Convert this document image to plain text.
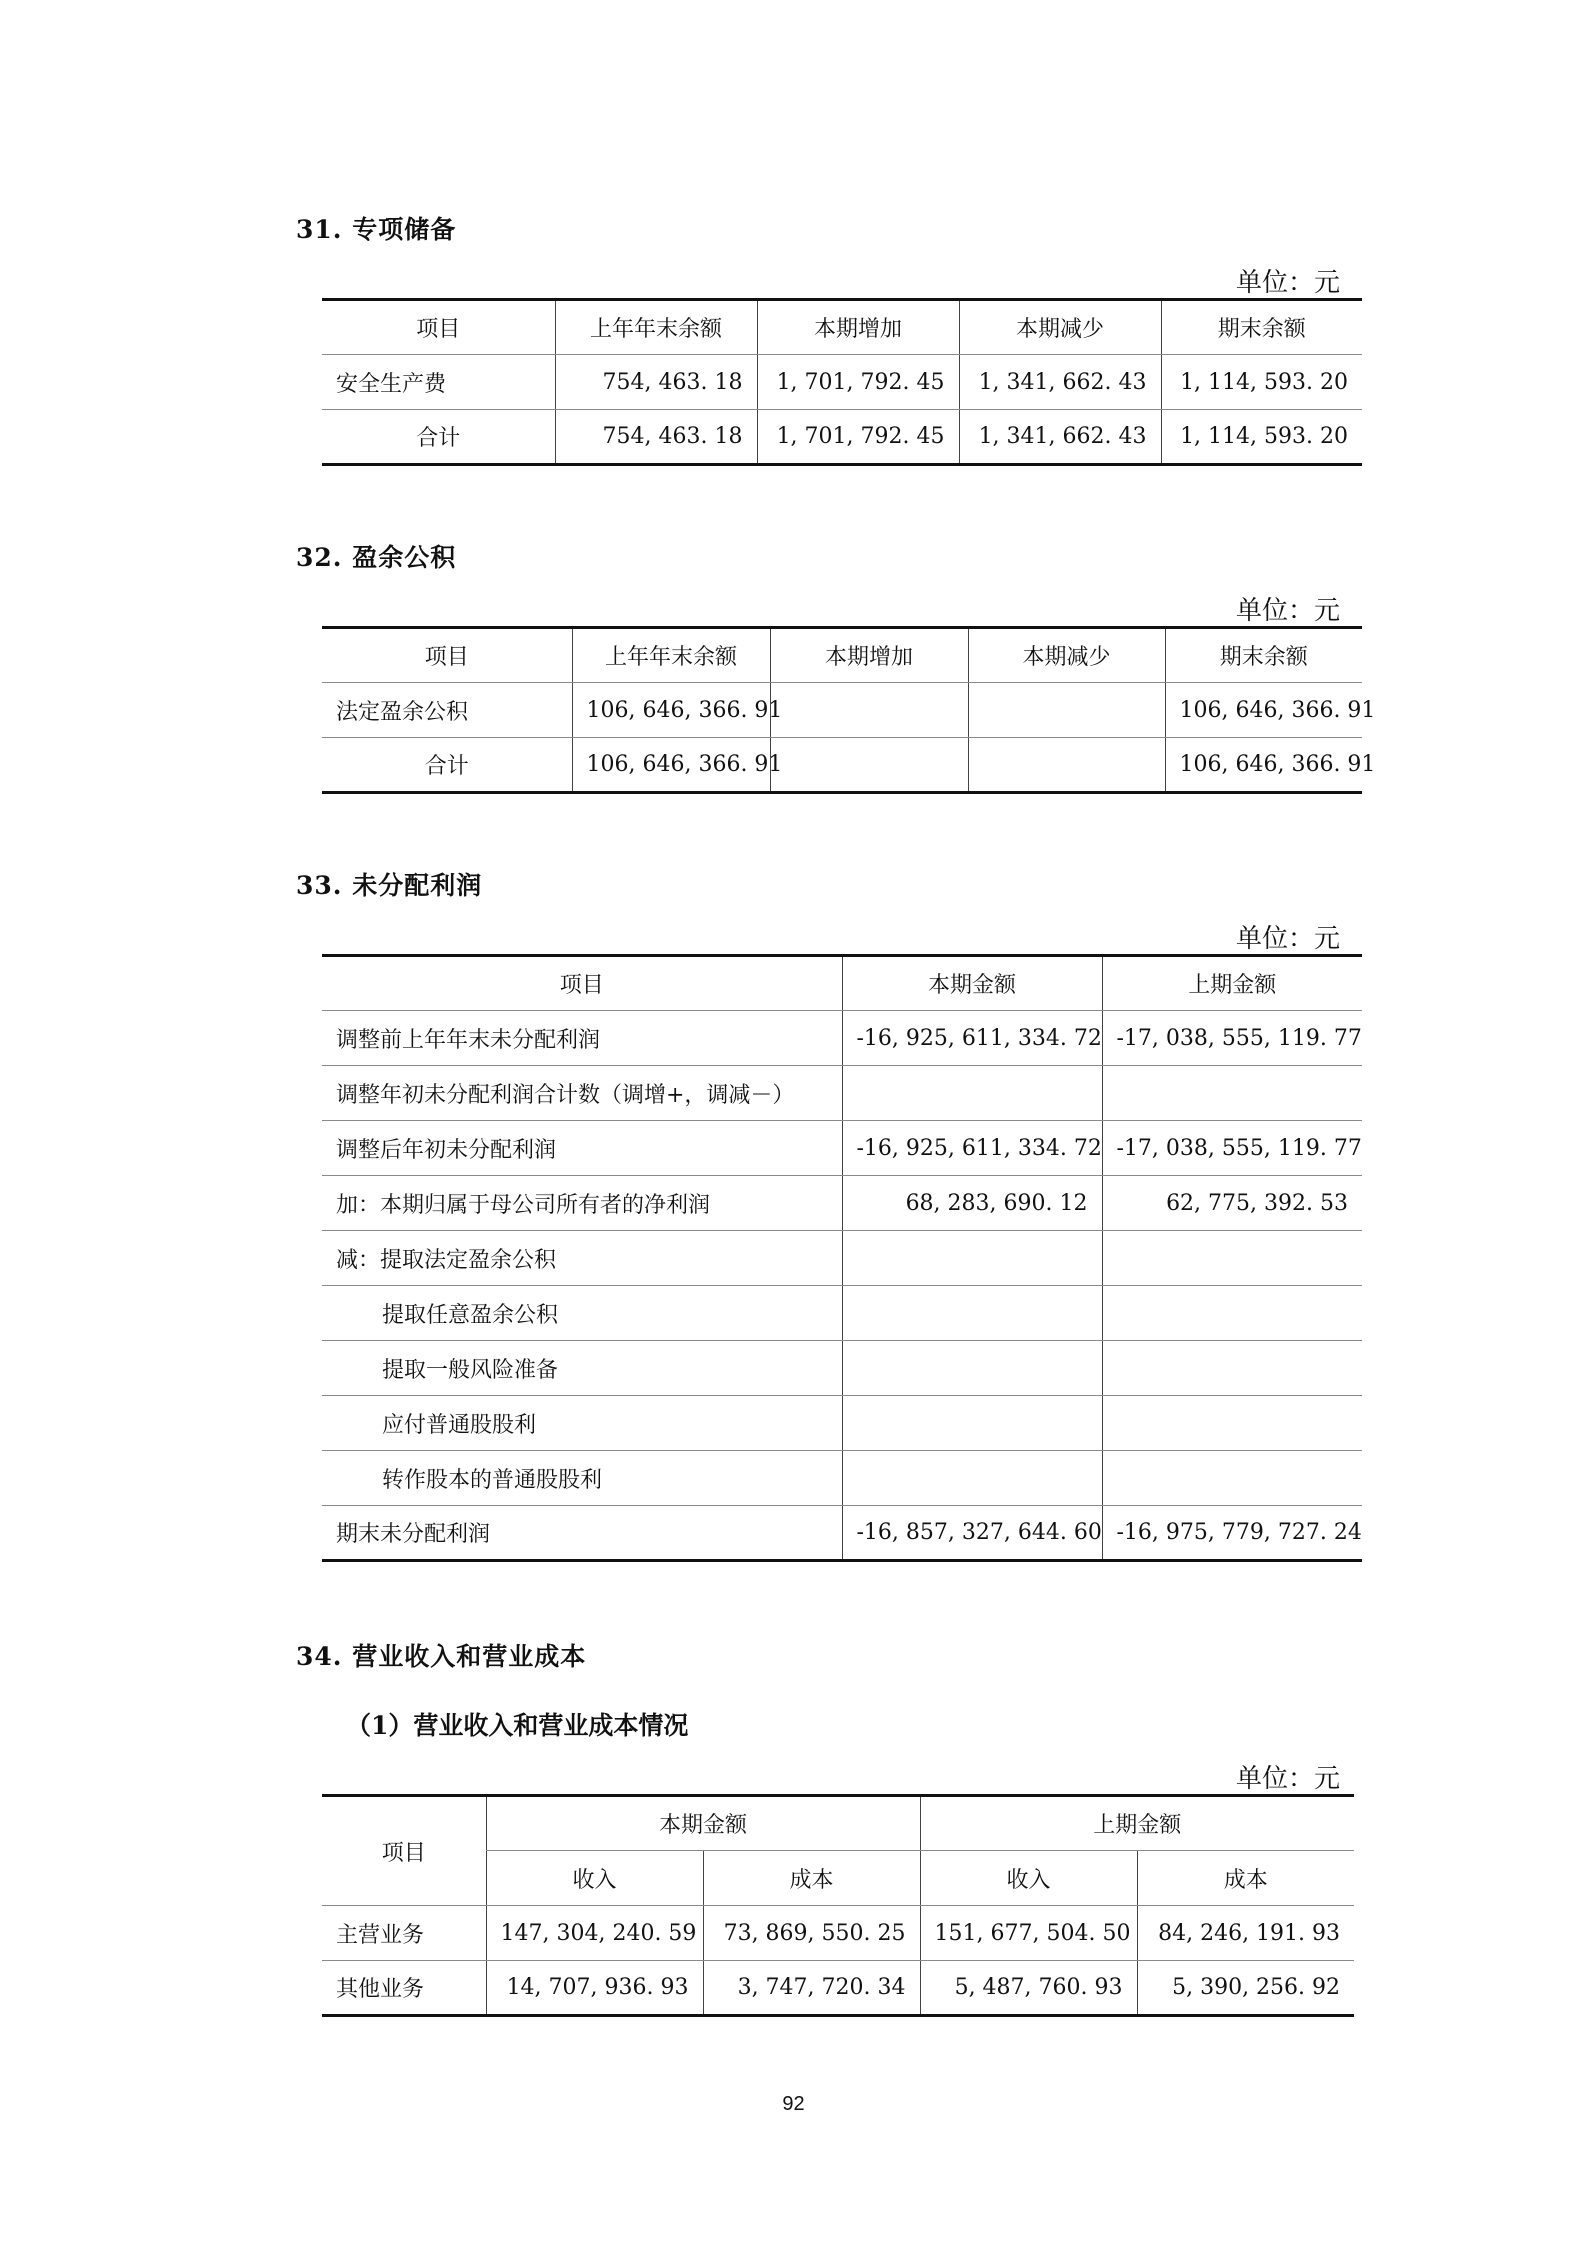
31. 专项储备
单位：元
项目	上年年末余额	本期增加	本期减少	期末余额
安全生产费	754, 463. 18	1, 701, 792. 45	1, 341, 662. 43	1, 114, 593. 20
合计	754, 463. 18	1, 701, 792. 45	1, 341, 662. 43	1, 114, 593. 20
32. 盈余公积
单位：元
项目	上年年末余额	本期增加	本期减少	期末余额
法定盈余公积	106, 646, 366. 91			106, 646, 366. 91
合计	106, 646, 366. 91			106, 646, 366. 91
33. 未分配利润
单位：元
项目	本期金额	上期金额
调整前上年年末未分配利润	-16, 925, 611, 334. 72	-17, 038, 555, 119. 77
调整年初未分配利润合计数（调增+，调减－）		
调整后年初未分配利润	-16, 925, 611, 334. 72	-17, 038, 555, 119. 77
加：本期归属于母公司所有者的净利润	68, 283, 690. 12	62, 775, 392. 53
减：提取法定盈余公积		
提取任意盈余公积		
提取一般风险准备		
应付普通股股利		
转作股本的普通股股利		
期末未分配利润	-16, 857, 327, 644. 60	-16, 975, 779, 727. 24
34. 营业收入和营业成本
（1）营业收入和营业成本情况
单位：元
项目	本期金额		上期金额	
	收入	成本	收入	成本
主营业务	147, 304, 240. 59	73, 869, 550. 25	151, 677, 504. 50	84, 246, 191. 93
其他业务	14, 707, 936. 93	3, 747, 720. 34	5, 487, 760. 93	5, 390, 256. 92
92
